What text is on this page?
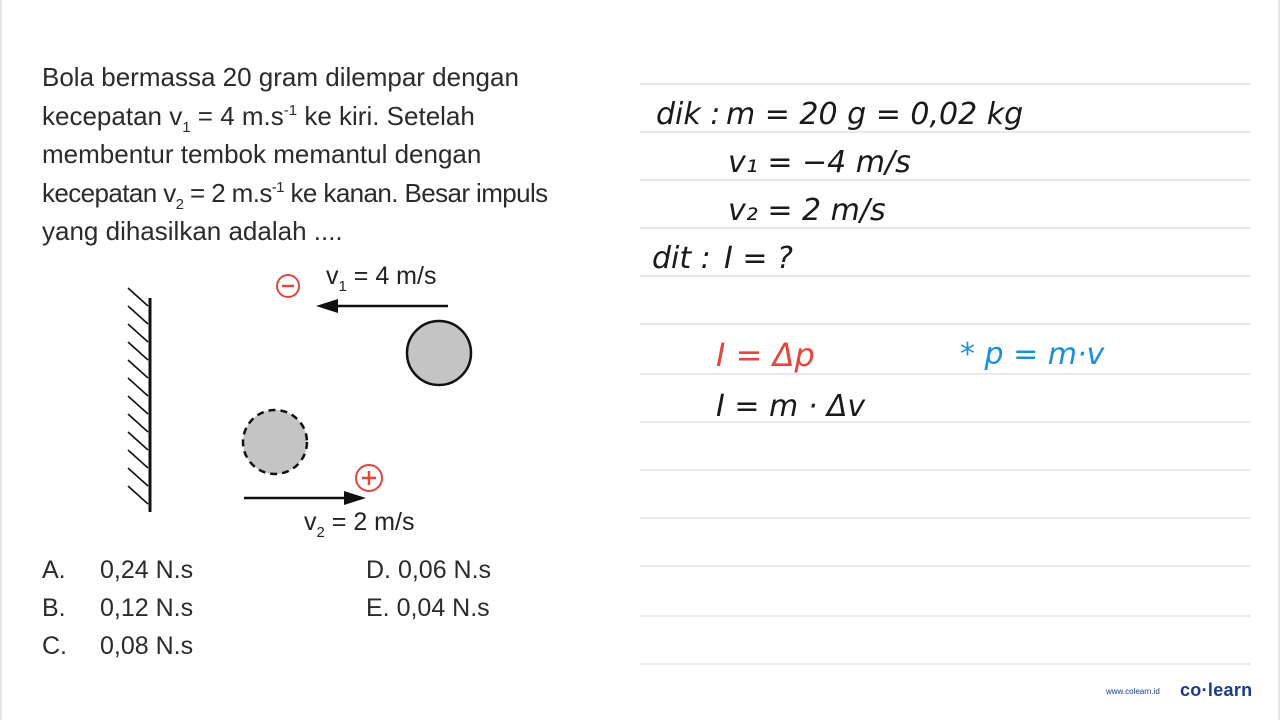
Bola bermassa 20 gram dilempar dengan
kecepatan $v_1 = 4$ $m.s^{-1}$ ke kiri. Setelah
membentur tembok memantul dengan
kecepatan $v_2 = 2$ $m.s^{-1}$ ke kanan. Besar impuls
yang dihasilkan adalah ....
$v_1 = 4$ m/s
$v_2 = 2$ m/s
A. 0,24 N.s
B. 0,12 N.s
C. 0,08 N.s
D. 0,06 N.s
E. 0,04 N.s
dik : m = 20 g = 0,02 kg
v₁ = −4 m/s
v₂ = 2 m/s
dit : I = ?
I = Δp	* p = m·v
I = m · Δv
www.colearn.id co·learn
